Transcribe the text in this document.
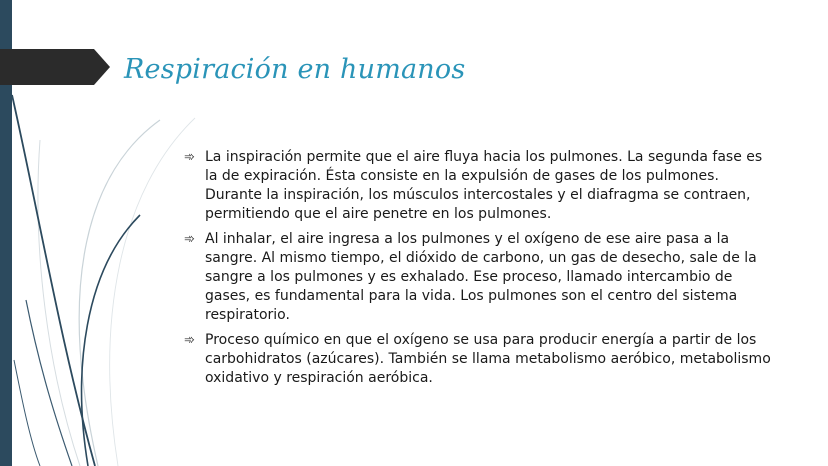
Respiración en humanos
➾ La inspiración permite que el aire fluya hacia los pulmones. La segunda fase es la de expiración. Ésta consiste en la expulsión de gases de los pulmones. Durante la inspiración, los músculos intercostales y el diafragma se contraen, permitiendo que el aire penetre en los pulmones.
➾ Al inhalar, el aire ingresa a los pulmones y el oxígeno de ese aire pasa a la sangre. Al mismo tiempo, el dióxido de carbono, un gas de desecho, sale de la sangre a los pulmones y es exhalado. Ese proceso, llamado intercambio de gases, es fundamental para la vida. Los pulmones son el centro del sistema respiratorio.
➾ Proceso químico en que el oxígeno se usa para producir energía a partir de los carbohidratos (azúcares). También se llama metabolismo aeróbico, metabolismo oxidativo y respiración aeróbica.
